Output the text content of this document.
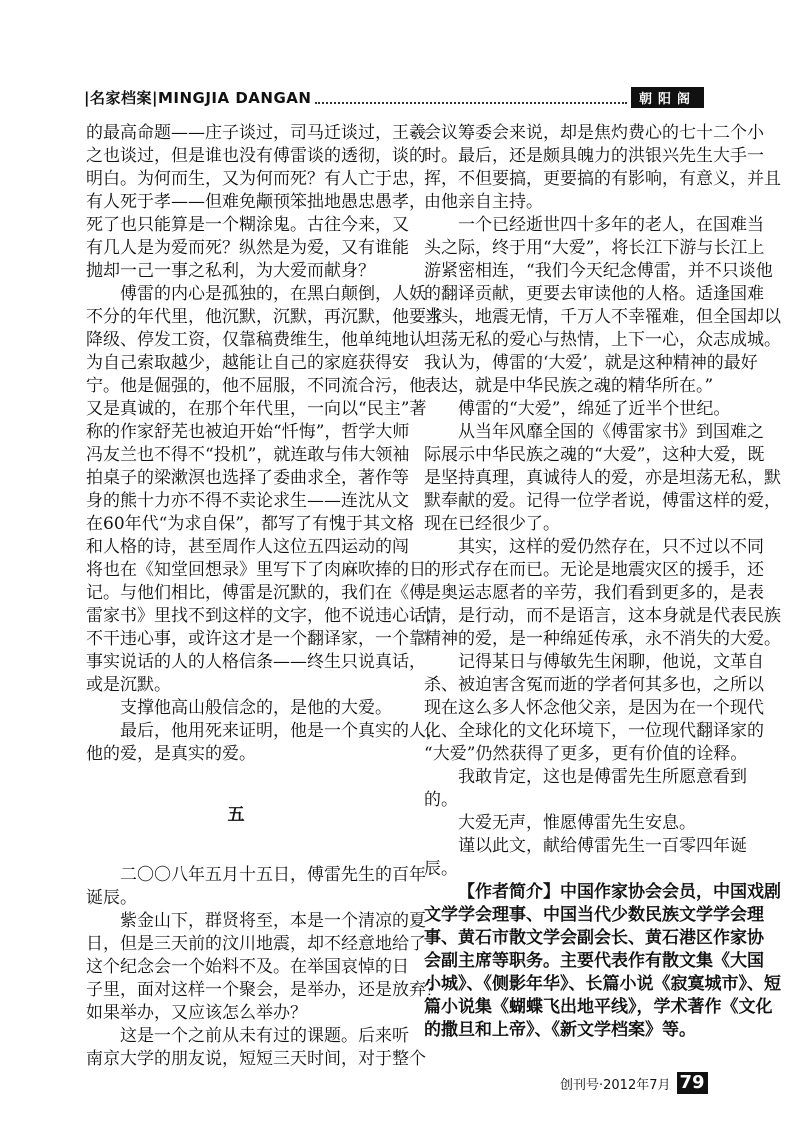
|名家档案|MINGJIA DANGAN	朝阳阁
的最高命题——庄子谈过，司马迁谈过，王羲
之也谈过，但是谁也没有傅雷谈的透彻，谈的
明白。为何而生，又为何而死？有人亡于忠，
有人死于孝——但难免颟顸笨拙地愚忠愚孝，
死了也只能算是一个糊涂鬼。古往今来，又
有几人是为爱而死？纵然是为爱，又有谁能
抛却一己一事之私利，为大爱而献身？
傅雷的内心是孤独的，在黑白颠倒，人妖
不分的年代里，他沉默，沉默，再沉默，他要求
降级、停发工资，仅靠稿费维生，他单纯地认
为自己索取越少，越能让自己的家庭获得安
宁。他是倔强的，他不屈服，不同流合污，他
又是真诚的，在那个年代里，一向以“民主”著
称的作家舒芜也被迫开始“忏悔”，哲学大师
冯友兰也不得不“投机”，就连敢与伟大领袖
拍桌子的梁漱溟也选择了委曲求全，著作等
身的熊十力亦不得不卖论求生——连沈从文
在60年代“为求自保”，都写了有愧于其文格
和人格的诗，甚至周作人这位五四运动的闯
将也在《知堂回想录》里写下了肉麻吹捧的日
记。与他们相比，傅雷是沉默的，我们在《傅
雷家书》里找不到这样的文字，他不说违心话，
不干违心事，或许这才是一个翻译家，一个靠
事实说话的人的人格信条——终生只说真话，
或是沉默。
支撑他高山般信念的，是他的大爱。
最后，他用死来证明，他是一个真实的人，
他的爱，是真实的爱。
五
二〇〇八年五月十五日，傅雷先生的百年
诞辰。
紫金山下，群贤将至，本是一个清凉的夏
日，但是三天前的汶川地震，却不经意地给了
这个纪念会一个始料不及。在举国哀悼的日
子里，面对这样一个聚会，是举办，还是放弃？
如果举办，又应该怎么举办？
这是一个之前从未有过的课题。后来听
南京大学的朋友说，短短三天时间，对于整个
会议筹委会来说，却是焦灼费心的七十二个小
时。最后，还是颇具魄力的洪银兴先生大手一
挥，不但要搞，更要搞的有影响，有意义，并且
由他亲自主持。
一个已经逝世四十多年的老人，在国难当
头之际，终于用“大爱”，将长江下游与长江上
游紧密相连，“我们今天纪念傅雷，并不只谈他
的翻译贡献，更要去审读他的人格。适逢国难
当头，地震无情，千万人不幸罹难，但全国却以
坦荡无私的爱心与热情，上下一心，众志成城。
我认为，傅雷的‘大爱’，就是这种精神的最好
表达，就是中华民族之魂的精华所在。”
傅雷的“大爱”，绵延了近半个世纪。
从当年风靡全国的《傅雷家书》到国难之
际展示中华民族之魂的“大爱”，这种大爱，既
是坚持真理，真诚待人的爱，亦是坦荡无私，默
默奉献的爱。记得一位学者说，傅雷这样的爱，
现在已经很少了。
其实，这样的爱仍然存在，只不过以不同
的形式存在而已。无论是地震灾区的援手，还
是奥运志愿者的辛劳，我们看到更多的，是表
情，是行动，而不是语言，这本身就是代表民族
精神的爱，是一种绵延传承，永不消失的大爱。
记得某日与傅敏先生闲聊，他说，文革自
杀、被迫害含冤而逝的学者何其多也，之所以
现在这么多人怀念他父亲，是因为在一个现代
化、全球化的文化环境下，一位现代翻译家的
“大爱”仍然获得了更多，更有价值的诠释。
我敢肯定，这也是傅雷先生所愿意看到
的。
大爱无声，惟愿傅雷先生安息。
谨以此文，献给傅雷先生一百零四年诞
辰。
【作者简介】中国作家协会会员，中国戏剧
文学学会理事、中国当代少数民族文学学会理
事、黄石市散文学会副会长、黄石港区作家协
会副主席等职务。主要代表作有散文集《大国
小城》、《侧影年华》、长篇小说《寂寞城市》、短
篇小说集《蝴蝶飞出地平线》，学术著作《文化
的撒旦和上帝》、《新文学档案》等。
创刊号·2012年7月 79
